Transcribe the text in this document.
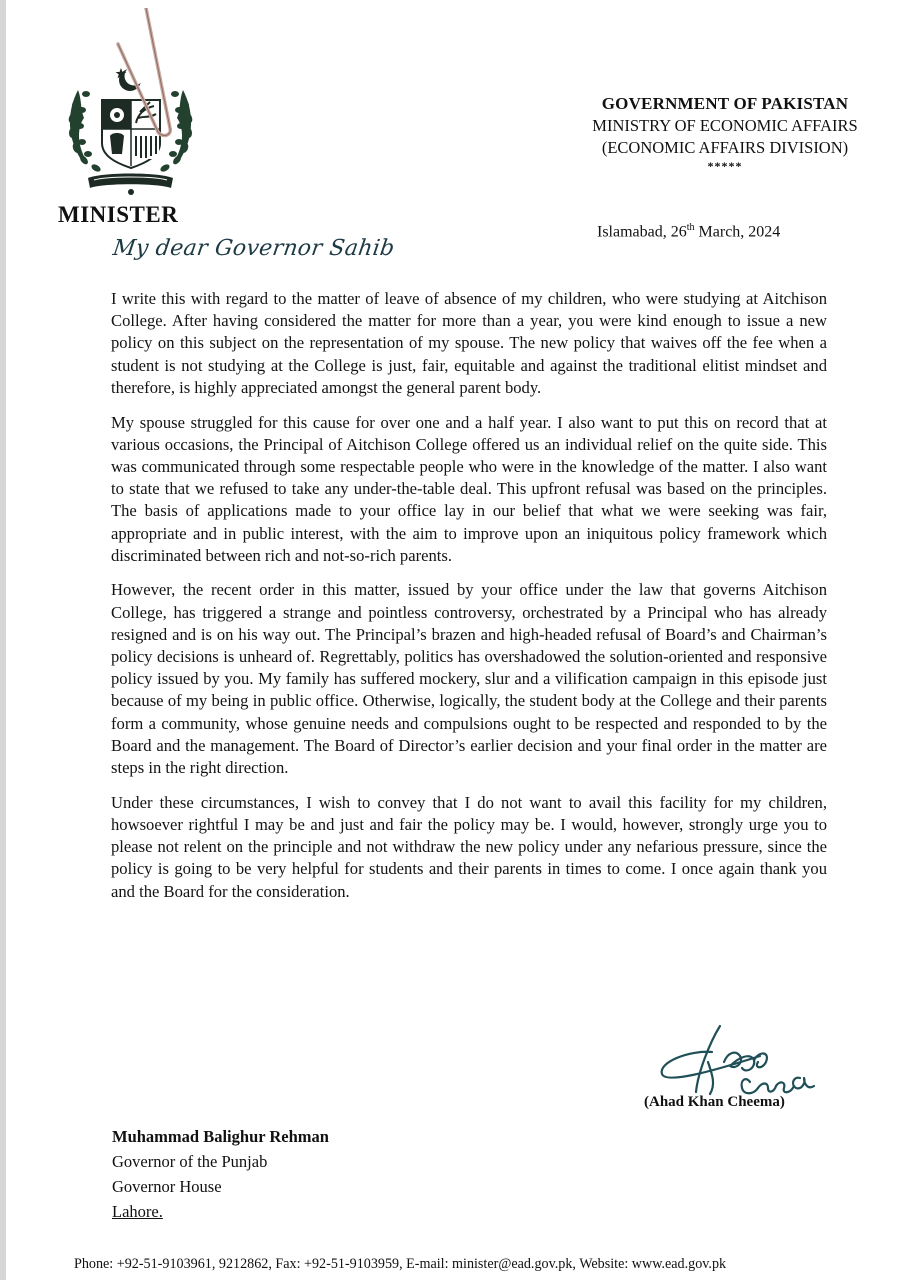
MINISTER
GOVERNMENT OF PAKISTAN
MINISTRY OF ECONOMIC AFFAIRS
(ECONOMIC AFFAIRS DIVISION)
*****
Islamabad, 26th March, 2024
My dear Governor Sahib

I write this with regard to the matter of leave of absence of my children, who were studying at Aitchison College. After having considered the matter for more than a year, you were kind enough to issue a new policy on this subject on the representation of my spouse. The new policy that waives off the fee when a student is not studying at the College is just, fair, equitable and against the traditional elitist mindset and therefore, is highly appreciated amongst the general parent body.

My spouse struggled for this cause for over one and a half year. I also want to put this on record that at various occasions, the Principal of Aitchison College offered us an individual relief on the quite side. This was communicated through some respectable people who were in the knowledge of the matter. I also want to state that we refused to take any under-the-table deal. This upfront refusal was based on the principles. The basis of applications made to your office lay in our belief that what we were seeking was fair, appropriate and in public interest, with the aim to improve upon an iniquitous policy framework which discriminated between rich and not-so-rich parents.

However, the recent order in this matter, issued by your office under the law that governs Aitchison College, has triggered a strange and pointless controversy, orchestrated by a Principal who has already resigned and is on his way out. The Principal’s brazen and high-headed refusal of Board’s and Chairman’s policy decisions is unheard of. Regrettably, politics has overshadowed the solution-oriented and responsive policy issued by you. My family has suffered mockery, slur and a vilification campaign in this episode just because of my being in public office. Otherwise, logically, the student body at the College and their parents form a community, whose genuine needs and compulsions ought to be respected and responded to by the Board and the management. The Board of Director’s earlier decision and your final order in the matter are steps in the right direction.

Under these circumstances, I wish to convey that I do not want to avail this facility for my children, howsoever rightful I may be and just and fair the policy may be. I would, however, strongly urge you to please not relent on the principle and not withdraw the new policy under any nefarious pressure, since the policy is going to be very helpful for students and their parents in times to come. I once again thank you and the Board for the consideration.

(Ahad Khan Cheema)
Muhammad Balighur Rehman
Governor of the Punjab
Governor House
Lahore.
Phone: +92-51-9103961, 9212862, Fax: +92-51-9103959, E-mail: minister@ead.gov.pk, Website: www.ead.gov.pk
